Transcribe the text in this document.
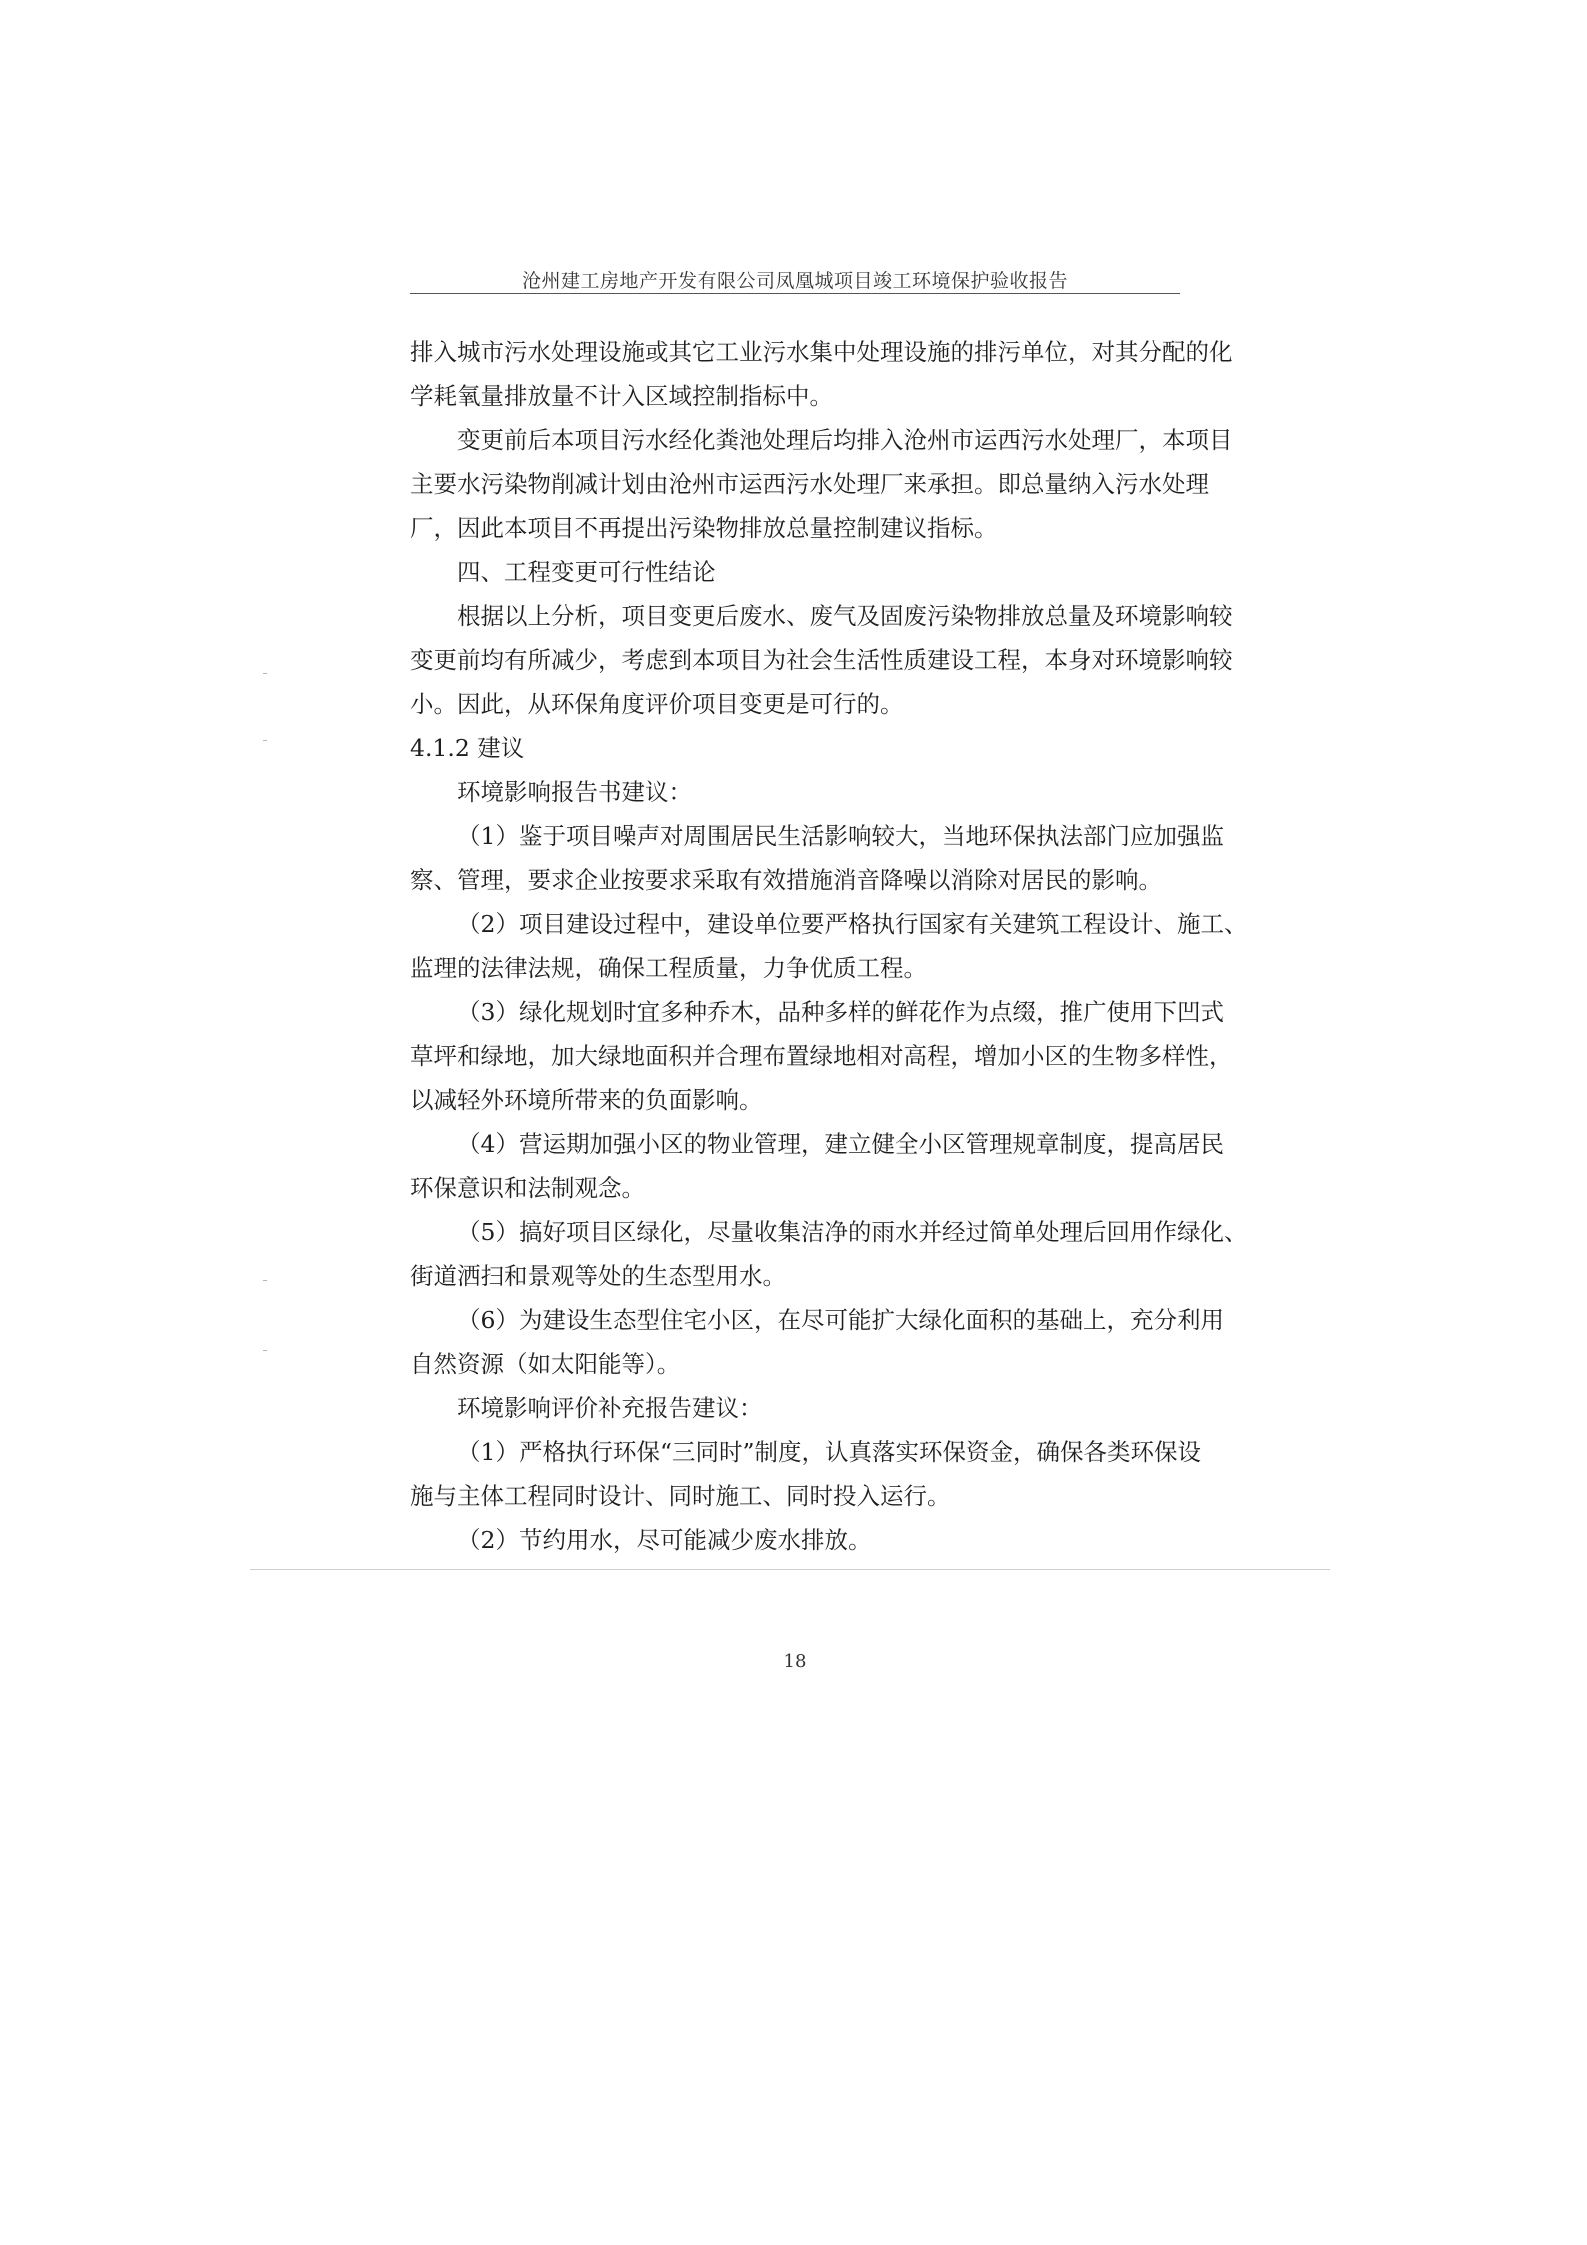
沧州建工房地产开发有限公司凤凰城项目竣工环境保护验收报告
排入城市污水处理设施或其它工业污水集中处理设施的排污单位，对其分配的化
学耗氧量排放量不计入区域控制指标中。
变更前后本项目污水经化粪池处理后均排入沧州市运西污水处理厂，本项目
主要水污染物削减计划由沧州市运西污水处理厂来承担。即总量纳入污水处理
厂，因此本项目不再提出污染物排放总量控制建议指标。
四、工程变更可行性结论
根据以上分析，项目变更后废水、废气及固废污染物排放总量及环境影响较
变更前均有所减少，考虑到本项目为社会生活性质建设工程，本身对环境影响较
小。因此，从环保角度评价项目变更是可行的。
4.1.2 建议
环境影响报告书建议：
（1）鉴于项目噪声对周围居民生活影响较大，当地环保执法部门应加强监
察、管理，要求企业按要求采取有效措施消音降噪以消除对居民的影响。
（2）项目建设过程中，建设单位要严格执行国家有关建筑工程设计、施工、
监理的法律法规，确保工程质量，力争优质工程。
（3）绿化规划时宜多种乔木，品种多样的鲜花作为点缀，推广使用下凹式
草坪和绿地，加大绿地面积并合理布置绿地相对高程，增加小区的生物多样性，
以减轻外环境所带来的负面影响。
（4）营运期加强小区的物业管理，建立健全小区管理规章制度，提高居民
环保意识和法制观念。
（5）搞好项目区绿化，尽量收集洁净的雨水并经过简单处理后回用作绿化、
街道洒扫和景观等处的生态型用水。
（6）为建设生态型住宅小区，在尽可能扩大绿化面积的基础上，充分利用
自然资源（如太阳能等）。
环境影响评价补充报告建议：
（1）严格执行环保“三同时”制度，认真落实环保资金，确保各类环保设
施与主体工程同时设计、同时施工、同时投入运行。
（2）节约用水，尽可能减少废水排放。
18
